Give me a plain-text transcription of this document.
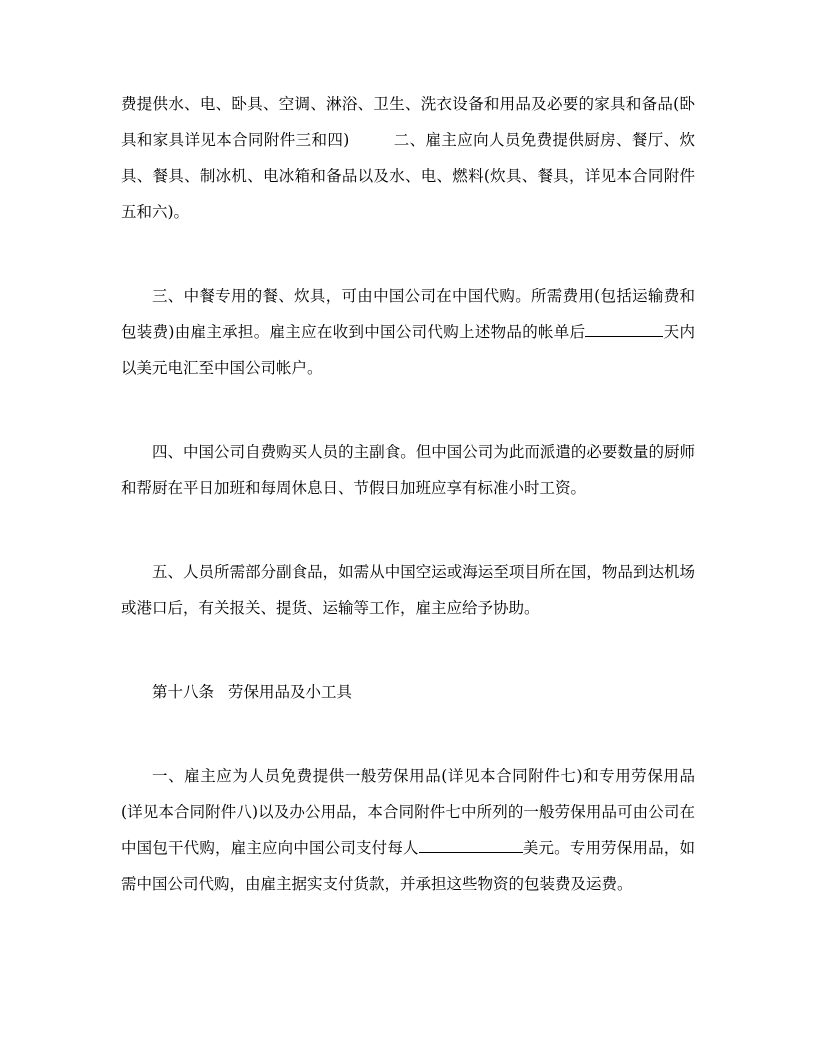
费提供水、电、卧具、空调、淋浴、卫生、洗衣设备和用品及必要的家具和备品(卧具和家具详见本合同附件三和四)	二、雇主应向人员免费提供厨房、餐厅、炊具、餐具、制冰机、电冰箱和备品以及水、电、燃料(炊具、餐具，详见本合同附件五和六)。

三、中餐专用的餐、炊具，可由中国公司在中国代购。所需费用(包括运输费和包装费)由雇主承担。雇主应在收到中国公司代购上述物品的帐单后	天内以美元电汇至中国公司帐户。

四、中国公司自费购买人员的主副食。但中国公司为此而派遣的必要数量的厨师和帮厨在平日加班和每周休息日、节假日加班应享有标准小时工资。

五、人员所需部分副食品，如需从中国空运或海运至项目所在国，物品到达机场或港口后，有关报关、提货、运输等工作，雇主应给予协助。

第十八条 劳保用品及小工具

一、雇主应为人员免费提供一般劳保用品(详见本合同附件七)和专用劳保用品(详见本合同附件八)以及办公用品，本合同附件七中所列的一般劳保用品可由公司在中国包干代购，雇主应向中国公司支付每人	美元。专用劳保用品，如需中国公司代购，由雇主据实支付货款，并承担这些物资的包装费及运费。
